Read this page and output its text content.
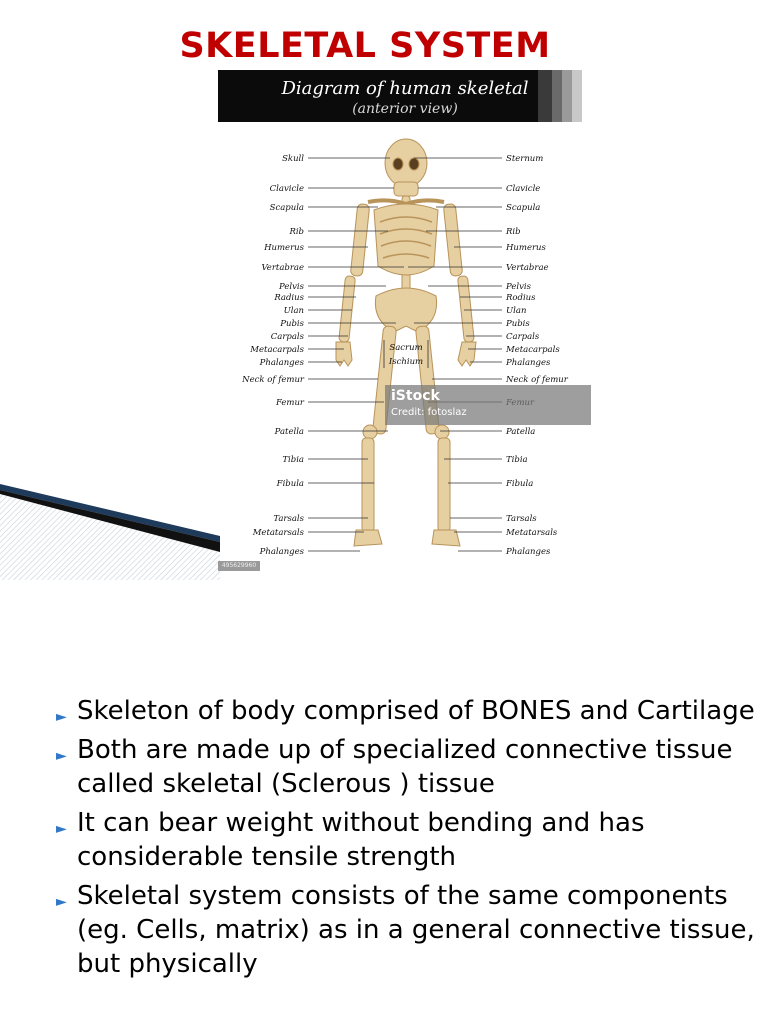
SKELETAL SYSTEM
Diagram of human skeletal
(anterior view)
Skull
Clavicle
Scapula
Rib
Humerus
Vertabrae
Pelvis
Radius
Ulan
Pubis
Carpals
Metacarpals
Phalanges
Neck of femur
Femur
Patella
Tibia
Fibula
Tarsals
Metatarsals
Phalanges
Sternum
Clavicle
Scapula
Rib
Humerus
Vertabrae
Pelvis
Rodius
Ulan
Pubis
Carpals
Metacarpals
Phalanges
Neck of femur
Patella
Tibia
Fibula
Tarsals
Metatarsals
Phalanges
Sacrum
Ischium
iStock
Credit: fotoslaz
495629960
► Skeleton of body comprised of BONES and Cartilage
► Both are made up of specialized connective tissue called skeletal (Sclerous ) tissue
► It can bear weight without bending and has considerable tensile strength
► Skeletal system consists of the same components (eg. Cells, matrix) as in a general connective tissue, but physically
